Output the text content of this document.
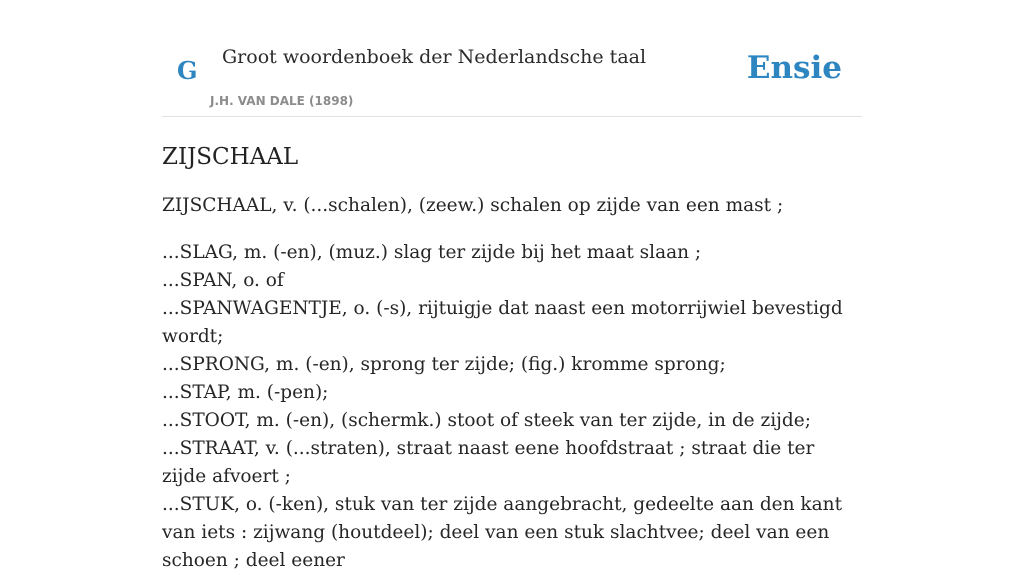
G Groot woordenboek der Nederlandsche taal
J.H. VAN DALE (1898)
Ensie
ZIJSCHAAL

ZIJSCHAAL, v. (...schalen), (zeew.) schalen op zijde van een mast ;

...SLAG, m. (-en), (muz.) slag ter zijde bij het maat slaan ;
...SPAN, o. of
...SPANWAGENTJE, o. (-s), rijtuigje dat naast een motorrijwiel bevestigd wordt;
...SPRONG, m. (-en), sprong ter zijde; (fig.) kromme sprong;
...STAP, m. (-pen);
...STOOT, m. (-en), (schermk.) stoot of steek van ter zijde, in de zijde;
...STRAAT, v. (...straten), straat naast eene hoofdstraat ; straat die ter zijde afvoert ;
...STUK, o. (-ken), stuk van ter zijde aangebracht, gedeelte aan den kant van iets : zijwang (houtdeel); deel van een stuk slachtvee; deel van een schoen ; deel eener
